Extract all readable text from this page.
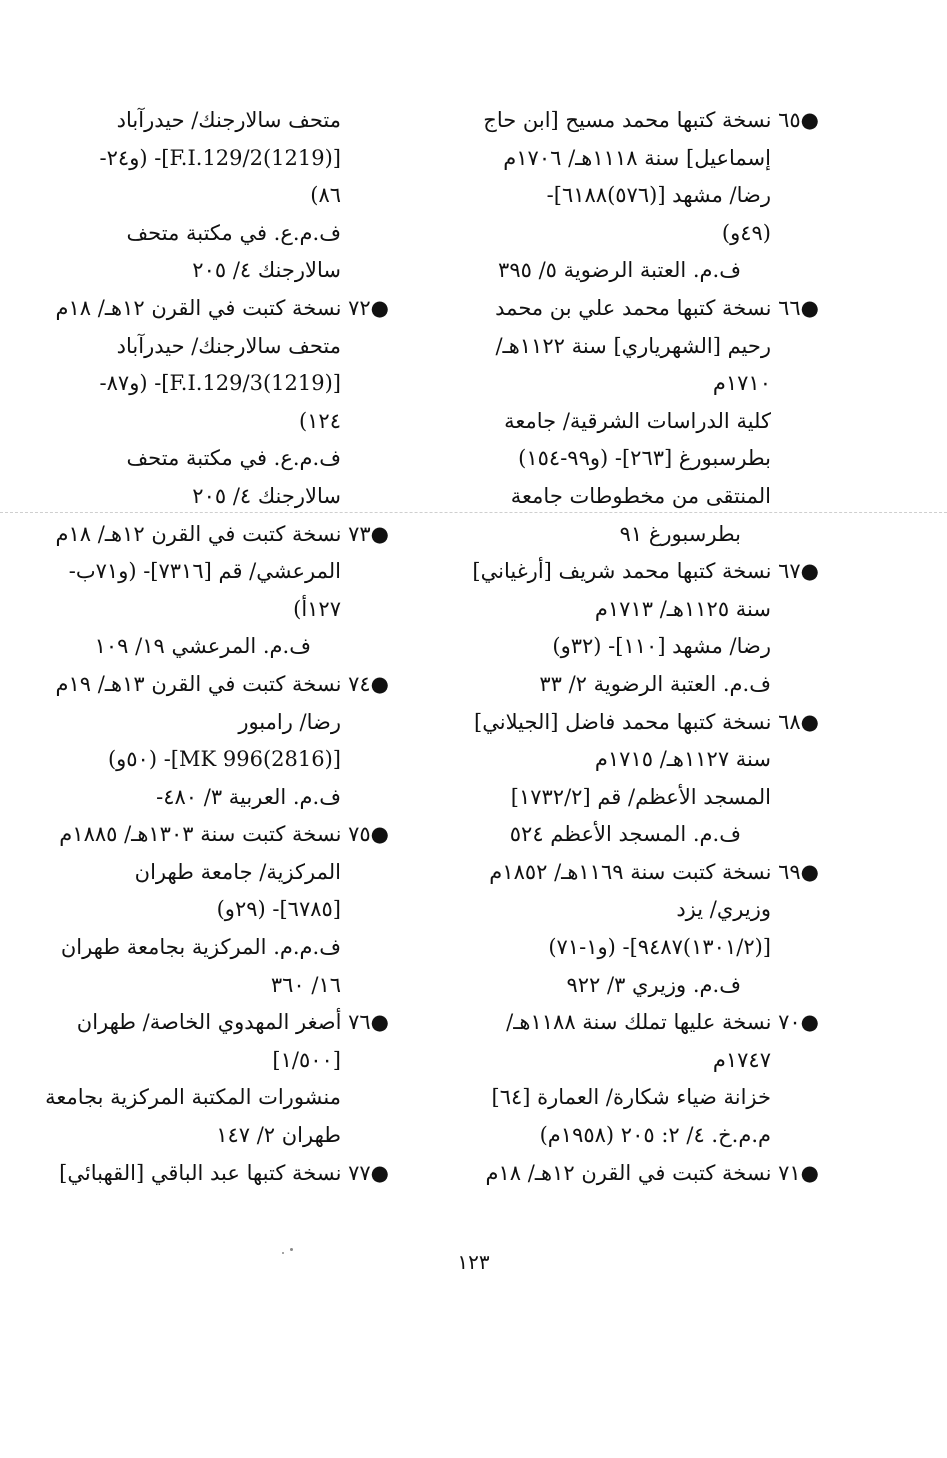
●٦٥ نسخة كتبها محمد مسيح [ابن حاج
إسماعيل] سنة ١١١٨هـ/ ١٧٠٦م
رضا/ مشهد [(٥٧٦)٦١٨٨]-
(٤٩و)
ف.م. العتبة الرضوية ٥/ ٣٩٥
●٦٦ نسخة كتبها محمد علي بن محمد
رحيم [الشهرياري] سنة ١١٢٢هـ/
١٧١٠م
كلية الدراسات الشرقية/ جامعة
بطرسبورغ [٢٦٣]- (و٩٩-١٥٤)
المنتقى من مخطوطات جامعة
بطرسبورغ ٩١
●٦٧ نسخة كتبها محمد شريف [أرغياني]
سنة ١١٢٥هـ/ ١٧١٣م
رضا/ مشهد [١١٠]- (٣٢و)
ف.م. العتبة الرضوية ٢/ ٣٣
●٦٨ نسخة كتبها محمد فاضل [الجيلاني]
سنة ١١٢٧هـ/ ١٧١٥م
المسجد الأعظم/ قم [١٧٣٢/٢]
ف.م. المسجد الأعظم ٥٢٤
●٦٩ نسخة كتبت سنة ١١٦٩هـ/ ١٨٥٢م
وزيري/ يزد
[(١٣٠١/٢)٩٤٨٧]- (و١-٧١)
ف.م. وزيري ٣/ ٩٢٢
●٧٠ نسخة عليها تملك سنة ١١٨٨هـ/
١٧٤٧م
خزانة ضياء شكارة/ العمارة [٦٤]
م.م.خ. ٤/ ٢: ٢٠٥ (١٩٥٨م)
●٧١ نسخة كتبت في القرن ١٢هـ/ ١٨م
متحف سالارجنك/ حيدرآباد
[F.I.129/2(1219)]- (و٢٤-
٨٦)
ف.م.ع. في مكتبة متحف
سالارجنك ٤/ ٢٠٥
●٧٢ نسخة كتبت في القرن ١٢هـ/ ١٨م
متحف سالارجنك/ حيدرآباد
[F.I.129/3(1219)]- (و٨٧-
١٢٤)
ف.م.ع. في مكتبة متحف
سالارجنك ٤/ ٢٠٥
●٧٣ نسخة كتبت في القرن ١٢هـ/ ١٨م
المرعشي/ قم [٧٣١٦]- (و٧١ب-
١٢٧أ)
ف.م. المرعشي ١٩/ ١٠٩
●٧٤ نسخة كتبت في القرن ١٣هـ/ ١٩م
رضا/ رامبور
[MK 996(2816)]- (٥٠و)
ف.م. العربية ٣/ ٤٨٠-
●٧٥ نسخة كتبت سنة ١٣٠٣هـ/ ١٨٨٥م
المركزية/ جامعة طهران
[٦٧٨٥]- (٢٩و)
ف.م.م. المركزية بجامعة طهران
١٦/ ٣٦٠
●٧٦ أصغر المهدوي الخاصة/ طهران
[١/٥٠٠]
منشورات المكتبة المركزية بجامعة
طهران ٢/ ١٤٧
●٧٧ نسخة كتبها عبد الباقي [القهبائي]
١٢٣
